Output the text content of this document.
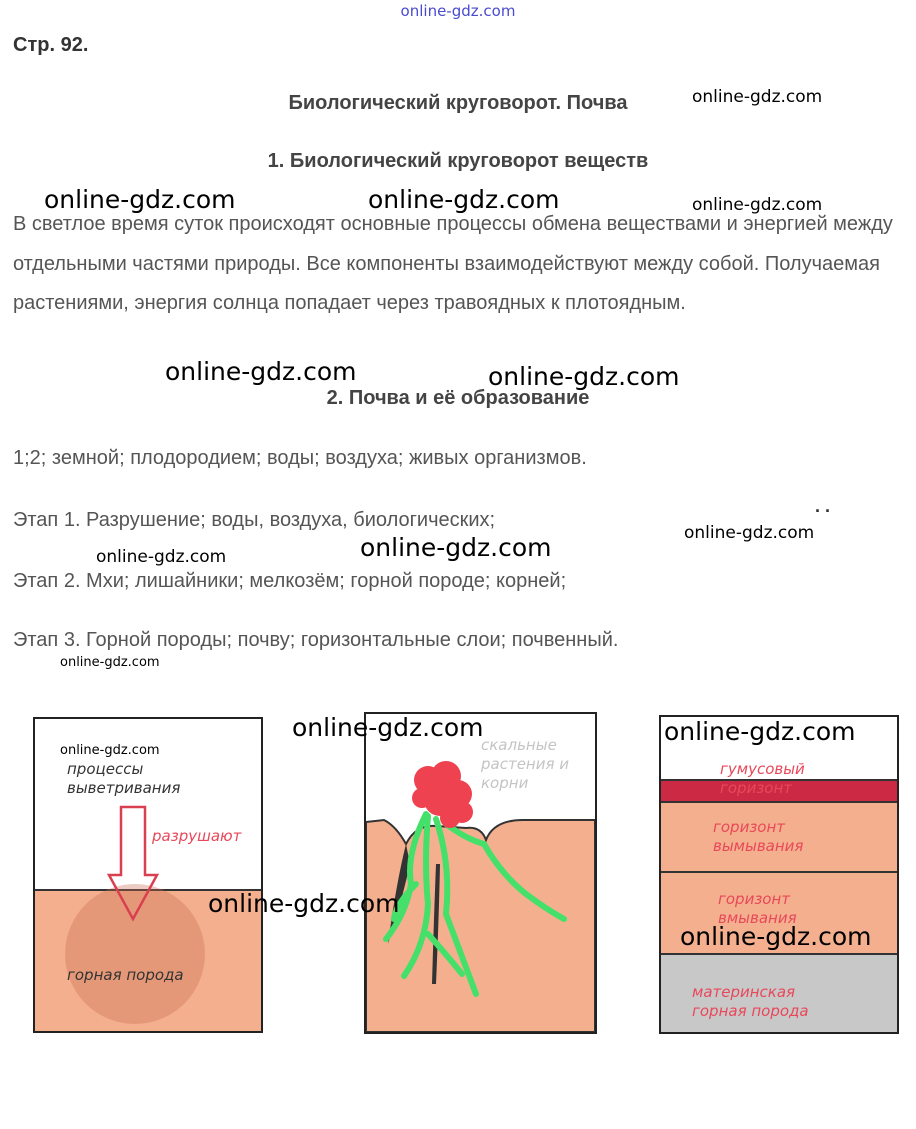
online-gdz.com
Стр. 92.
Биологический круговорот. Почва
1. Биологический круговорот веществ
В светлое время суток происходят основные процессы обмена веществами и энергией между отдельными частями природы. Все компоненты взаимодействуют между собой. Получаемая растениями, энергия солнца попадает через травоядных к плотоядным.
2. Почва и её образование
1;2; земной; плодородием; воды; воздуха; живых организмов.
Этап 1. Разрушение; воды, воздуха, биологических;
Этап 2. Мхи; лишайники; мелкозём; горной породе; корней;
Этап 3. Горной породы; почву; горизонтальные слои; почвенный.
. .
процессы выветривания
разрушают
горная порода
скальные растения и корни
гумусовый горизонт
горизонт вымывания
горизонт вмывания
материнская горная порода
online-gdz.com
online-gdz.com	online-gdz.com	online-gdz.com
online-gdz.com	online-gdz.com
online-gdz.com
online-gdz.com	online-gdz.com
online-gdz.com
online-gdz.com
online-gdz.com
online-gdz.com
online-gdz.com
online-gdz.com
